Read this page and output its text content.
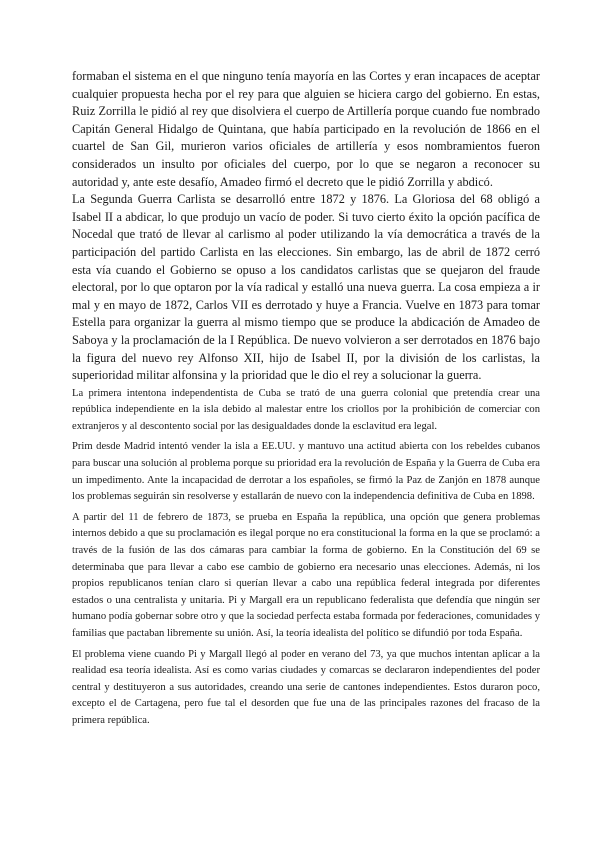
formaban el sistema en el que ninguno tenía mayoría en las Cortes y eran incapaces de aceptar cualquier propuesta hecha por el rey para que alguien se hiciera cargo del gobierno. En estas, Ruiz Zorrilla le pidió al rey que disolviera el cuerpo de Artillería porque cuando fue nombrado Capitán General Hidalgo de Quintana, que había participado en la revolución de 1866 en el cuartel de San Gil, murieron varios oficiales de artillería y esos nombramientos fueron considerados un insulto por oficiales del cuerpo, por lo que se negaron a reconocer su autoridad y, ante este desafío, Amadeo firmó el decreto que le pidió Zorrilla y abdicó.

La Segunda Guerra Carlista se desarrolló entre 1872 y 1876. La Gloriosa del 68 obligó a Isabel II a abdicar, lo que produjo un vacío de poder. Si tuvo cierto éxito la opción pacífica de Nocedal que trató de llevar al carlismo al poder utilizando la vía democrática a través de la participación del partido Carlista en las elecciones. Sin embargo, las de abril de 1872 cerró esta vía cuando el Gobierno se opuso a los candidatos carlistas que se quejaron del fraude electoral, por lo que optaron por la vía radical y estalló una nueva guerra. La cosa empieza a ir mal y en mayo de 1872, Carlos VII es derrotado y huye a Francia. Vuelve en 1873 para tomar Estella para organizar la guerra al mismo tiempo que se produce la abdicación de Amadeo de Saboya y la proclamación de la I República. De nuevo volvieron a ser derrotados en 1876 bajo la figura del nuevo rey Alfonso XII, hijo de Isabel II, por la división de los carlistas, la superioridad militar alfonsina y la prioridad que le dio el rey a solucionar la guerra.

La primera intentona independentista de Cuba se trató de una guerra colonial que pretendía crear una república independiente en la isla debido al malestar entre los criollos por la prohibición de comerciar con extranjeros y al descontento social por las desigualdades donde la esclavitud era legal.

Prim desde Madrid intentó vender la isla a EE.UU. y mantuvo una actitud abierta con los rebeldes cubanos para buscar una solución al problema porque su prioridad era la revolución de España y la Guerra de Cuba era un impedimento. Ante la incapacidad de derrotar a los españoles, se firmó la Paz de Zanjón en 1878 aunque los problemas seguirán sin resolverse y estallarán de nuevo con la independencia definitiva de Cuba en 1898.

A partir del 11 de febrero de 1873, se prueba en España la república, una opción que genera problemas internos debido a que su proclamación es ilegal porque no era constitucional la forma en la que se proclamó: a través de la fusión de las dos cámaras para cambiar la forma de gobierno. En la Constitución del 69 se determinaba que para llevar a cabo ese cambio de gobierno era necesario unas elecciones. Además, ni los propios republicanos tenían claro si querían llevar a cabo una república federal integrada por diferentes estados o una centralista y unitaria. Pi y Margall era un republicano federalista que defendía que ningún ser humano podía gobernar sobre otro y que la sociedad perfecta estaba formada por federaciones, comunidades y familias que pactaban libremente su unión. Así, la teoría idealista del político se difundió por toda España.

El problema viene cuando Pi y Margall llegó al poder en verano del 73, ya que muchos intentan aplicar a la realidad esa teoría idealista. Así es como varias ciudades y comarcas se declararon independientes del poder central y destituyeron a sus autoridades, creando una serie de cantones independientes. Estos duraron poco, excepto el de Cartagena, pero fue tal el desorden que fue una de las principales razones del fracaso de la primera república.
